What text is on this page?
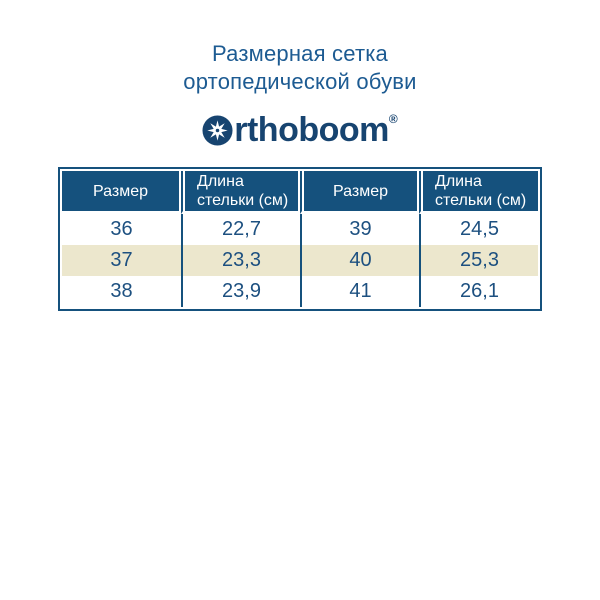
Размерная сетка
ортопедической обуви
rthoboom ®
Размер	Длина стельки (см)	Размер	Длина стельки (см)

36	22,7	39	24,5
37	23,3	40	25,3
38	23,9	41	26,1
